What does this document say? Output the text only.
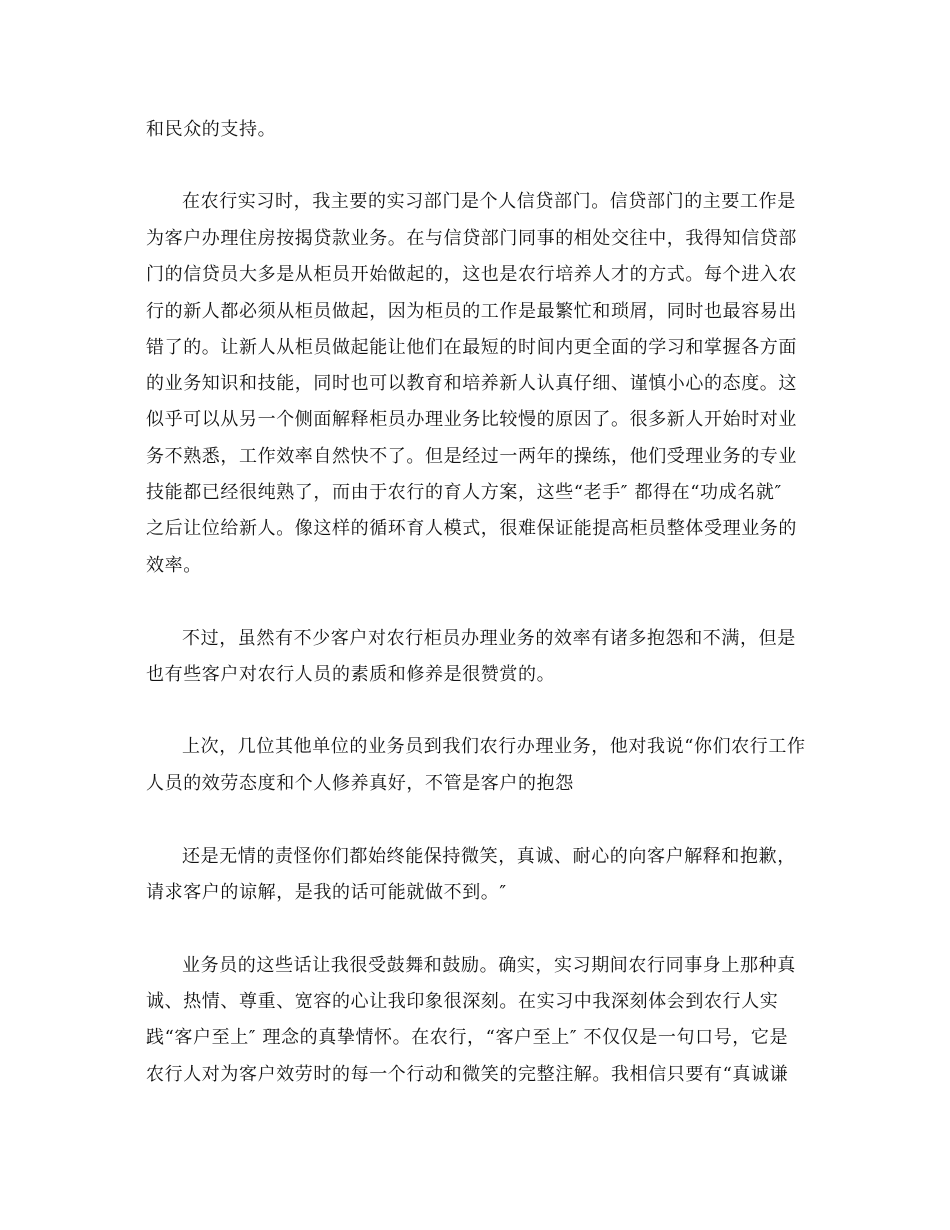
和民众的支持。
在农行实习时，我主要的实习部门是个人信贷部门。信贷部门的主要工作是
为客户办理住房按揭贷款业务。在与信贷部门同事的相处交往中，我得知信贷部
门的信贷员大多是从柜员开始做起的，这也是农行培养人才的方式。每个进入农
行的新人都必须从柜员做起，因为柜员的工作是最繁忙和琐屑，同时也最容易出
错了的。让新人从柜员做起能让他们在最短的时间内更全面的学习和掌握各方面
的业务知识和技能，同时也可以教育和培养新人认真仔细、谨慎小心的态度。这
似乎可以从另一个侧面解释柜员办理业务比较慢的原因了。很多新人开始时对业
务不熟悉，工作效率自然快不了。但是经过一两年的操练，他们受理业务的专业
技能都已经很纯熟了，而由于农行的育人方案，这些“老手″ 都得在“功成名就″
之后让位给新人。像这样的循环育人模式，很难保证能提高柜员整体受理业务的
效率。
不过，虽然有不少客户对农行柜员办理业务的效率有诸多抱怨和不满，但是
也有些客户对农行人员的素质和修养是很赞赏的。
上次，几位其他单位的业务员到我们农行办理业务，他对我说“你们农行工作
人员的效劳态度和个人修养真好，不管是客户的抱怨
还是无情的责怪你们都始终能保持微笑，真诚、耐心的向客户解释和抱歉，
请求客户的谅解，是我的话可能就做不到。″
业务员的这些话让我很受鼓舞和鼓励。确实，实习期间农行同事身上那种真
诚、热情、尊重、宽容的心让我印象很深刻。在实习中我深刻体会到农行人实
践“客户至上″ 理念的真挚情怀。在农行，“客户至上″ 不仅仅是一句口号，它是
农行人对为客户效劳时的每一个行动和微笑的完整注解。我相信只要有“真诚谦
